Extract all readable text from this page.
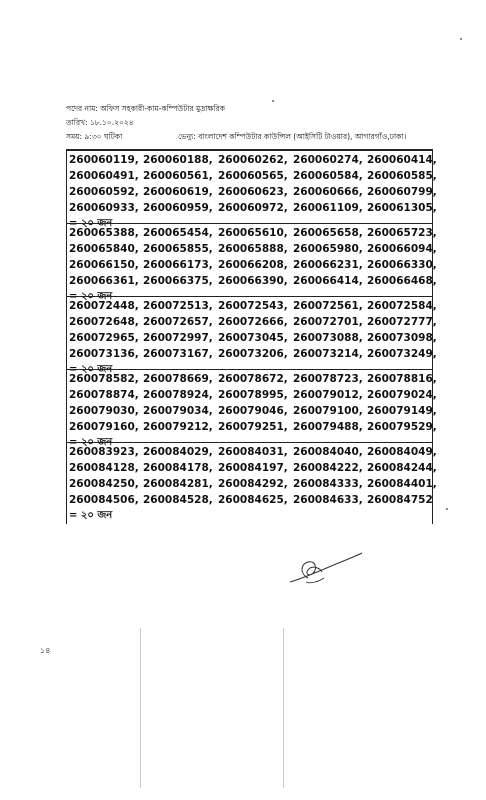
পদের নাম: অফিস সহকারী-কাম-কম্পিউটার মুদ্রাক্ষরিক
তারিখ: ১৮.১০.২০২৪
সময়: ৯:৩০ ঘটিকা	ভেন্যু: বাংলাদেশ কম্পিউটার কাউন্সিল (আইসিটি টাওয়ার), আগারগাঁও,ঢাকা।
260060119, 260060188, 260060262, 260060274, 260060414,
260060491, 260060561, 260060565, 260060584, 260060585,
260060592, 260060619, 260060623, 260060666, 260060799,
260060933, 260060959, 260060972, 260061109, 260061305,
= ২০ জন
260065388, 260065454, 260065610, 260065658, 260065723,
260065840, 260065855, 260065888, 260065980, 260066094,
260066150, 260066173, 260066208, 260066231, 260066330,
260066361, 260066375, 260066390, 260066414, 260066468,
= ২০ জন
260072448, 260072513, 260072543, 260072561, 260072584,
260072648, 260072657, 260072666, 260072701, 260072777,
260072965, 260072997, 260073045, 260073088, 260073098,
260073136, 260073167, 260073206, 260073214, 260073249,
= ২০ জন
260078582, 260078669, 260078672, 260078723, 260078816,
260078874, 260078924, 260078995, 260079012, 260079024,
260079030, 260079034, 260079046, 260079100, 260079149,
260079160, 260079212, 260079251, 260079488, 260079529,
= ২০ জন
260083923, 260084029, 260084031, 260084040, 260084049,
260084128, 260084178, 260084197, 260084222, 260084244,
260084250, 260084281, 260084292, 260084333, 260084401,
260084506, 260084528, 260084625, 260084633, 260084752
= ২০ জন
১৪
